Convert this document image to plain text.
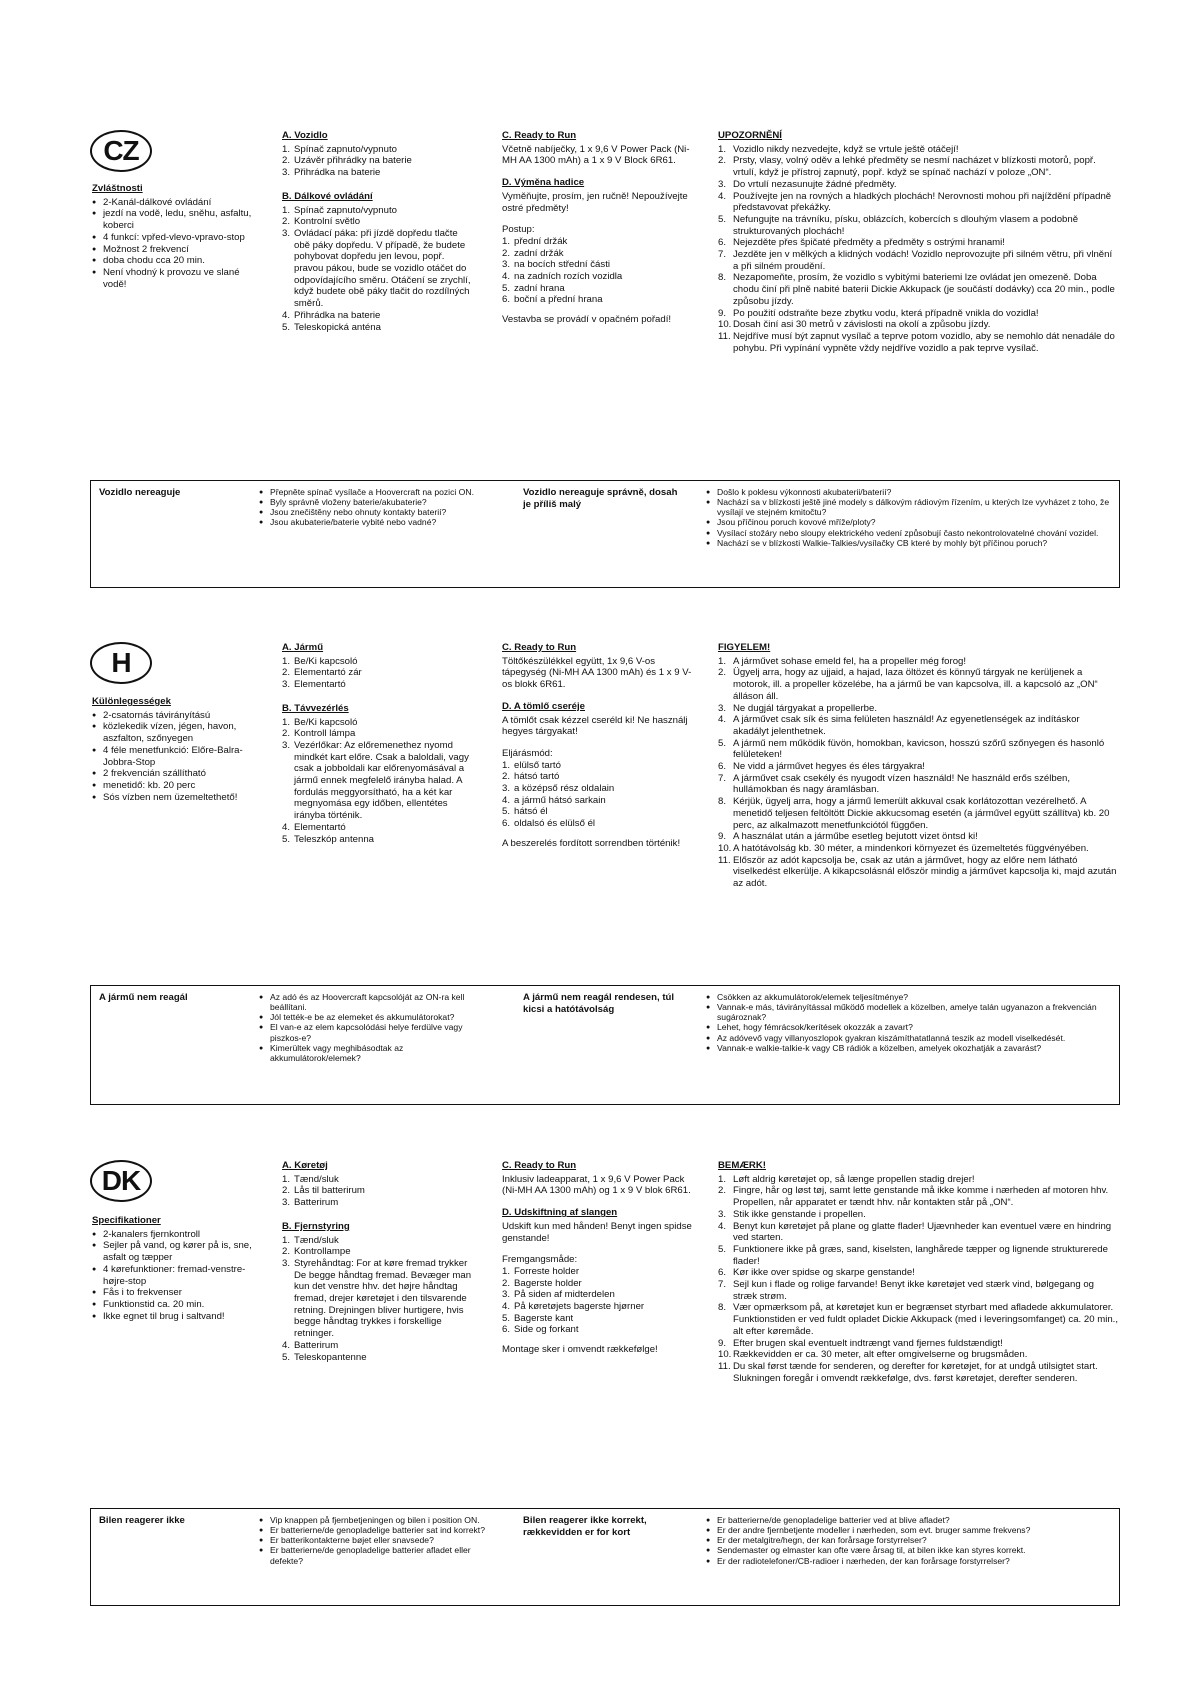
CZ
Zvláštnosti
● 2-Kanál-dálkové ovládání
● jezdí na vodě, ledu, sněhu, asfaltu, koberci
● 4 funkcí: vpřed-vlevo-vpravo-stop
● Možnost 2 frekvencí
● doba chodu cca 20 min.
● Není vhodný k provozu ve slané vodě!
A. Vozidlo
1. Spínač zapnuto/vypnuto
2. Uzávěr přihrádky na baterie
3. Přihrádka na baterie
B. Dálkové ovládání
1. Spínač zapnuto/vypnuto
2. Kontrolní světlo
3. Ovládací páka: při jízdě dopředu tlačte obě páky dopředu. V případě, že budete pohybovat dopředu jen levou, popř. pravou pákou, bude se vozidlo otáčet do odpovídajícího směru. Otáčení se zrychlí, když budete obě páky tlačit do rozdílných směrů.
4. Přihrádka na baterie
5. Teleskopická anténa
C. Ready to Run

Včetně nabíječky, 1 x 9,6 V Power Pack (Ni-MH AA 1300 mAh) a 1 x 9 V Block 6R61.

D. Výměna hadice

Vyměňujte, prosím, jen ručně! Nepoužívejte ostré předměty!

Postup:
1. přední držák
2. zadní držák
3. na bocích střední části
4. na zadních rozích vozidla
5. zadní hrana
6. boční a přední hrana

Vestavba se provádí v opačném pořadí!

UPOZORNĚNÍ
1. Vozidlo nikdy nezvedejte, když se vrtule ještě otáčejí!
2. Prsty, vlasy, volný oděv a lehké předměty se nesmí nacházet v blízkosti motorů, popř. vrtulí, když je přístroj zapnutý, popř. když se spínač nachází v poloze „ON“.
3. Do vrtulí nezasunujte žádné předměty.
4. Používejte jen na rovných a hladkých plochách! Nerovnosti mohou při najíždění případně představovat překážky.
5. Nefungujte na trávníku, písku, oblázcích, kobercích s dlouhým vlasem a podobně strukturovaných plochách!
6. Nejezděte přes špičaté předměty a předměty s ostrými hranami!
7. Jezděte jen v mělkých a klidných vodách! Vozidlo neprovozujte při silném větru, při vlnění a při silném proudění.
8. Nezapomeňte, prosím, že vozidlo s vybitými bateriemi lze ovládat jen omezeně. Doba chodu činí při plně nabité baterii Dickie Akkupack (je součástí dodávky) cca 20 min., podle způsobu jízdy.
9. Po použití odstraňte beze zbytku vodu, která případně vnikla do vozidla!
10. Dosah činí asi 30 metrů v závislosti na okolí a způsobu jízdy.
11. Nejdříve musí být zapnut vysílač a teprve potom vozidlo, aby se nemohlo dát nenadále do pohybu. Při vypínání vypněte vždy nejdříve vozidlo a pak teprve vysílač.
Vozidlo nereaguje	● Přepněte spínač vysílače a Hoovercraft na pozici ON.
● Byly správně vloženy baterie/akubaterie?
● Jsou znečištěny nebo ohnuty kontakty baterií?
● Jsou akubaterie/baterie vybité nebo vadné?
Vozidlo nereaguje správně, dosah je příliš malý
● Došlo k poklesu výkonnosti akubaterii/baterií?
● Nachází sa v blízkosti ještě jiné modely s dálkovým rádiovým řízením, u kterých lze vyvházet z toho, že vysílají ve stejném kmitočtu?
● Jsou příčinou poruch kovové mříže/ploty?
● Vysílací stožáry nebo sloupy elektrického vedení způsobují často nekontrolovatelné chování vozidel.
● Nachází se v blízkosti Walkie-Talkies/vysílačky CB které by mohly být příčinou poruch?
H
Különlegességek
● 2-csatornás távirányítású
● közlekedik vízen, jégen, havon, aszfalton, szőnyegen
● 4 féle menetfunkció: Előre-Balra-Jobbra-Stop
● 2 frekvencián szállítható
● menetidő: kb. 20 perc
● Sós vízben nem üzemeltethető!
A. Jármű
1. Be/Ki kapcsoló
2. Elementartó zár
3. Elementartó
B. Távvezérlés
1. Be/Ki kapcsoló
2. Kontroll lámpa
3. Vezérlőkar: Az előremenethez nyomd mindkét kart előre. Csak a baloldali, vagy csak a jobboldali kar előrenyomásával a jármű ennek megfelelő irányba halad. A fordulás meggyorsítható, ha a két kar megnyomása egy időben, ellentétes irányba történik.
4. Elementartó
5. Teleszkóp antenna
C. Ready to Run

Töltőkészülékkel együtt, 1x 9,6 V-os tápegység (Ni-MH AA 1300 mAh) és 1 x 9 V-os blokk 6R61.

D. A tömlő cseréje

A tömlőt csak kézzel cseréld ki! Ne használj hegyes tárgyakat!

Eljárásmód:
1. elülső tartó
2. hátsó tartó
3. a középső rész oldalain
4. a jármű hátsó sarkain
5. hátsó él
6. oldalsó és elülső él

A beszerelés fordított sorrendben történik!

FIGYELEM!
1. A járművet sohase emeld fel, ha a propeller még forog!
2. Ügyelj arra, hogy az ujjaid, a hajad, laza öltözet és könnyű tárgyak ne kerüljenek a motorok, ill. a propeller közelébe, ha a jármű be van kapcsolva, ill. a kapcsoló az „ON“ álláson áll.
3. Ne dugjál tárgyakat a propellerbe.
4. A járművet csak sík és sima felületen használd! Az egyenetlenségek az indításkor akadályt jelenthetnek.
5. A jármű nem működik füvön, homokban, kavicson, hosszú szőrű szőnyegen és hasonló felületeken!
6. Ne vidd a járművet hegyes és éles tárgyakra!
7. A járművet csak csekély és nyugodt vízen használd! Ne használd erős szélben, hullámokban és nagy áramlásban.
8. Kérjük, ügyelj arra, hogy a jármű lemerült akkuval csak korlátozottan vezérelhető. A menetidő teljesen feltöltött Dickie akkucsomag esetén (a járművel együtt szállítva) kb. 20 perc, az alkalmazott menetfunkciótól függően.
9. A használat után a járműbe esetleg bejutott vizet öntsd ki!
10. A hatótávolság kb. 30 méter, a mindenkori környezet és üzemeltetés függvényében.
11. Először az adót kapcsolja be, csak az után a járművet, hogy az előre nem látható viselkedést elkerülje. A kikapcsolásnál először mindig a járművet kapcsolja ki, majd azután az adót.
A jármű nem reagál	● Az adó és az Hoovercraft kapcsolóját az ON-ra kell beállítani.
● Jól tették-e be az elemeket és akkumulátorokat?
● El van-e az elem kapcsolódási helye ferdülve vagy piszkos-e?
● Kimerültek vagy meghibásodtak az akkumulátorok/elemek?
A jármű nem reagál rendesen, túl kicsi a hatótávolság
● Csökken az akkumulátorok/elemek teljesítménye?
● Vannak-e más, távirányítással működő modellek a közelben, amelye talán ugyanazon a frekvencián sugároznak?
● Lehet, hogy fémrácsok/kerítések okozzák a zavart?
● Az adóvevő vagy villanyoszlopok gyakran kiszámíthatatlanná teszik az modell viselkedését.
● Vannak-e walkie-talkie-k vagy CB rádiók a közelben, amelyek okozhatják a zavarást?
DK
Specifikationer
● 2-kanalers fjernkontroll
● Sejler på vand, og kører på is, sne, asfalt og tæpper
● 4 kørefunktioner: fremad-venstre-højre-stop
● Fås i to frekvenser
● Funktionstid ca. 20 min.
● Ikke egnet til brug i saltvand!
A. Køretøj
1. Tænd/sluk
2. Lås til batterirum
3. Batterirum
B. Fjernstyring
1. Tænd/sluk
2. Kontrollampe
3. Styrehåndtag: For at køre fremad trykker De begge håndtag fremad. Bevæger man kun det venstre hhv. det højre håndtag fremad, drejer køretøjet i den tilsvarende retning. Drejningen bliver hurtigere, hvis begge håndtag trykkes i forskellige retninger.
4. Batterirum
5. Teleskopantenne
C. Ready to Run

Inklusiv ladeapparat, 1 x 9,6 V Power Pack (Ni-MH AA 1300 mAh) og 1 x 9 V blok 6R61.

D. Udskiftning af slangen

Udskift kun med hånden! Benyt ingen spidse genstande!

Fremgangsmåde:
1. Forreste holder
2. Bagerste holder
3. På siden af midterdelen
4. På køretøjets bagerste hjørner
5. Bagerste kant
6. Side og forkant

Montage sker i omvendt rækkefølge!

BEMÆRK!
1. Løft aldrig køretøjet op, så længe propellen stadig drejer!
2. Fingre, hår og løst tøj, samt lette genstande må ikke komme i nærheden af motoren hhv. Propellen, når apparatet er tændt hhv. når kontakten står på „ON“.
3. Stik ikke genstande i propellen.
4. Benyt kun køretøjet på plane og glatte flader! Ujævnheder kan eventuel være en hindring ved starten.
5. Funktionere ikke på græs, sand, kiselsten, langhårede tæpper og lignende strukturerede flader!
6. Kør ikke over spidse og skarpe genstande!
7. Sejl kun i flade og rolige farvande! Benyt ikke køretøjet ved stærk vind, bølgegang og stræk strøm.
8. Vær opmærksom på, at køretøjet kun er begrænset styrbart med afladede akkumulatorer. Funktionstiden er ved fuldt opladet Dickie Akkupack (med i leveringsomfanget) ca. 20 min., alt efter køremåde.
9. Efter brugen skal eventuelt indtrængt vand fjernes fuldstændigt!
10. Rækkevidden er ca. 30 meter, alt efter omgivelserne og brugsmåden.
11. Du skal først tænde for senderen, og derefter for køretøjet, for at undgå utilsigtet start. Slukningen foregår i omvendt rækkefølge, dvs. først køretøjet, derefter senderen.
Bilen reagerer ikke	● Vip knappen på fjernbetjeningen og bilen i position ON.
● Er batterierne/de genopladelige batterier sat ind korrekt?
● Er batterikontakterne bøjet eller snavsede?
● Er batterierne/de genopladelige batterier afladet eller defekte?
Bilen reagerer ikke korrekt, rækkevidden er for kort
● Er batterierne/de genopladelige batterier ved at blive afladet?
● Er der andre fjernbetjente modeller i nærheden, som evt. bruger samme frekvens?
● Er der metalgitre/hegn, der kan forårsage forstyrrelser?
● Sendemaster og elmaster kan ofte være årsag til, at bilen ikke kan styres korrekt.
● Er der radiotelefoner/CB-radioer i nærheden, der kan forårsage forstyrrelser?
